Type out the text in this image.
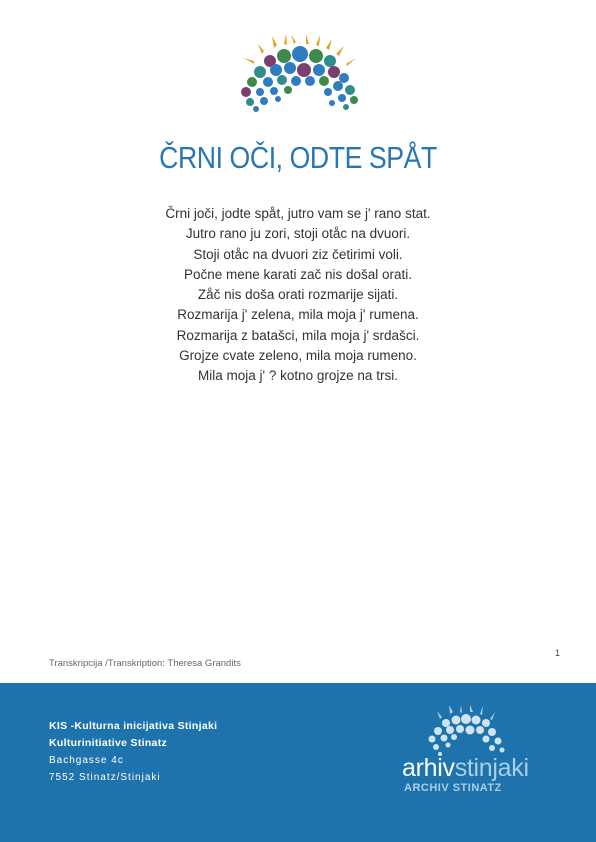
ČRNI OČI, ODTE SPÅT
Črni joči, jodte spåt, jutro vam se j' rano stat.
Jutro rano ju zori, stoji otåc na dvuori.
Stoji otåc na dvuori ziz četirimi voli.
Počne mene karati zač nis došal orati.
Zåč nis doša orati rozmarije sijati.
Rozmarija j' zelena, mila moja j' rumena.
Rozmarija z batašci, mila moja j' srdašci.
Grojze cvate zeleno, mila moja rumeno.
Mila moja j' ? kotno grojze na trsi.
1
Transkripcija /Transkription: Theresa Grandits
KIS -Kulturna inicijativa Stinjaki
Kulturinitiative Stinatz
Bachgasse 4c
7552 Stinatz/Stinjaki	arhivstinjaki
ARCHIV STINATZ
